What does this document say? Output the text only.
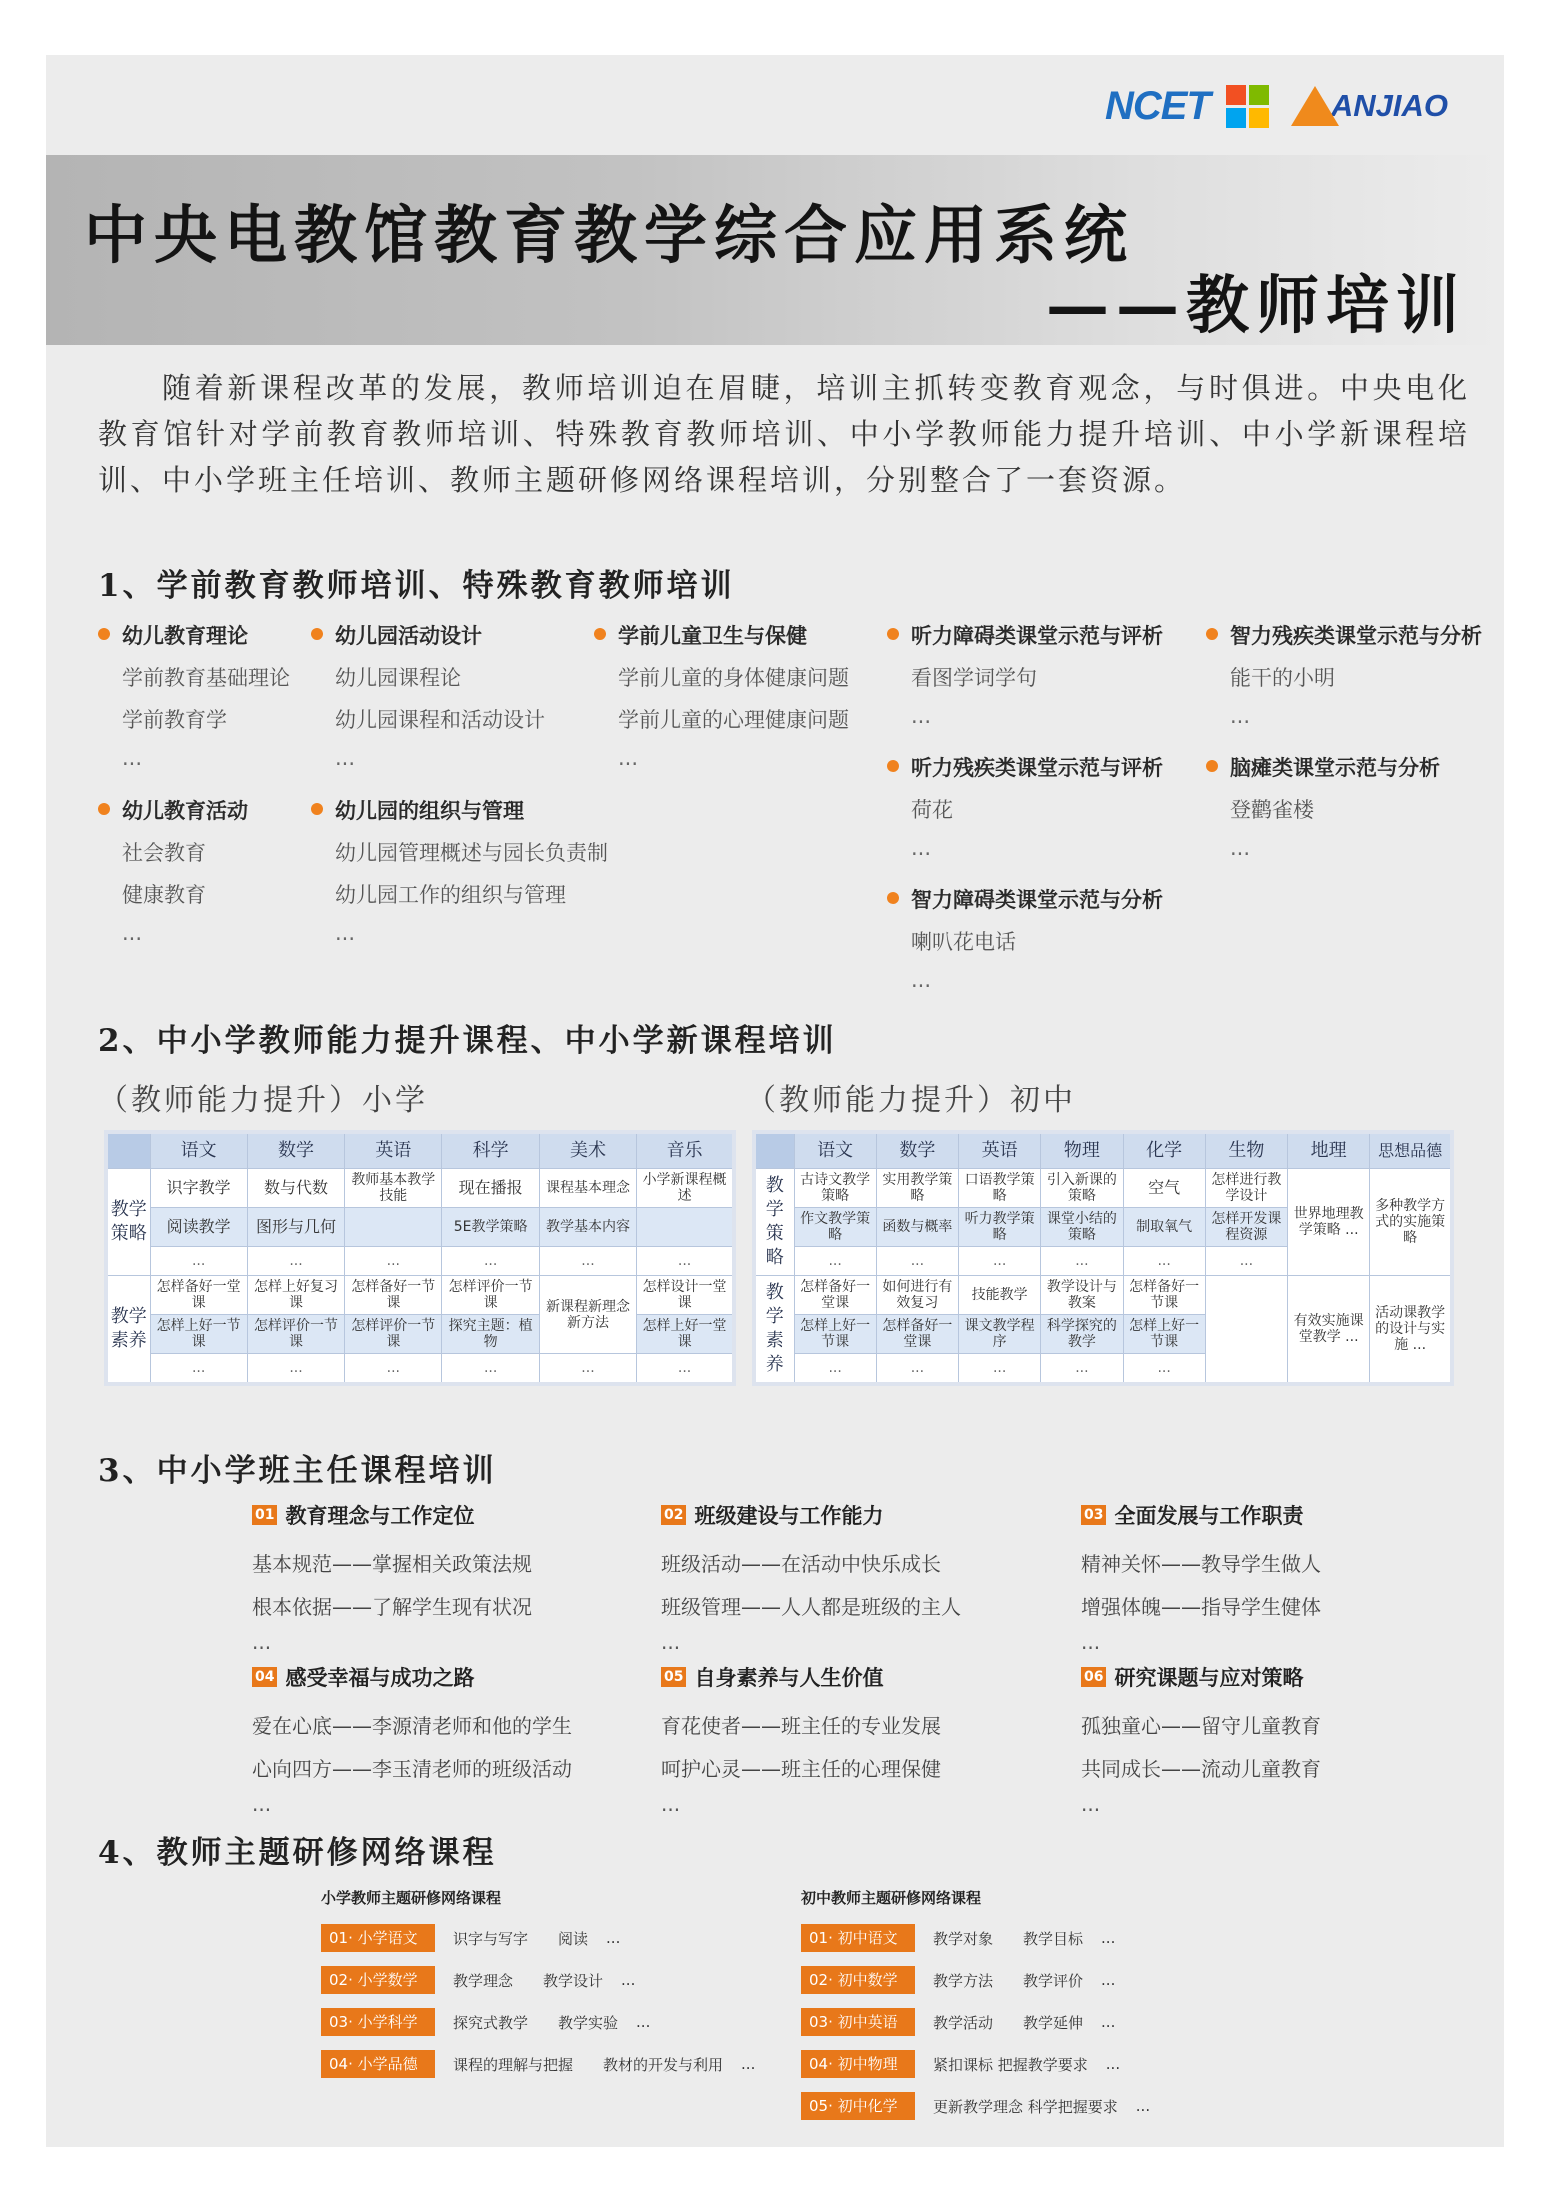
NCET	ANJIAO
中央电教馆教育教学综合应用系统
——教师培训

随着新课程改革的发展，教师培训迫在眉睫，培训主抓转变教育观念，与时俱进。中央电化教育馆针对学前教育教师培训、特殊教育教师培训、中小学教师能力提升培训、中小学新课程培训、中小学班主任培训、教师主题研修网络课程培训，分别整合了一套资源。

1、学前教育教师培训、特殊教育教师培训
幼儿教育理论
学前教育基础理论
学前教育学
...
幼儿教育活动
社会教育
健康教育
...
幼儿园活动设计
幼儿园课程论
幼儿园课程和活动设计
...
幼儿园的组织与管理
幼儿园管理概述与园长负责制
幼儿园工作的组织与管理
...
学前儿童卫生与保健
学前儿童的身体健康问题
学前儿童的心理健康问题
...
听力障碍类课堂示范与评析
看图学词学句
...
听力残疾类课堂示范与评析
荷花
...
智力障碍类课堂示范与分析
喇叭花电话
...
智力残疾类课堂示范与分析
能干的小明
...
脑瘫类课堂示范与分析
登鹳雀楼
...
2、中小学教师能力提升课程、中小学新课程培训
（教师能力提升）小学	（教师能力提升）初中
	语文	数学	英语	科学	美术	音乐
教学策略	识字教学	数与代数	教师基本教学技能	现在播报	课程基本理念	小学新课程概述
	阅读教学	图形与几何		5E教学策略	教学基本内容	
	...	...	...	...	...	...
教学素养	怎样备好一堂课	怎样上好复习课	怎样备好一节课	怎样评价一节课	新课程新理念新方法	怎样设计一堂课
	怎样上好一节课	怎样评价一节课	怎样评价一节课	探究主题：植物		怎样上好一堂课
	...	...	...	...	...	...
	语文	数学	英语	物理	化学	生物	地理	思想品德
教学策略	古诗文教学策略	实用教学策略	口语教学策略	引入新课的策略	空气	怎样进行教学设计	世界地理教学策略 ...	多种教学方式的实施策略
	作文教学策略	函数与概率	听力教学策略	课堂小结的策略	制取氧气	怎样开发课程资源		
	...	...	...	...	...	...		
教学素养	怎样备好一堂课	如何进行有效复习	技能教学	教学设计与教案	怎样备好一节课		有效实施课堂教学 ...	活动课教学的设计与实施 ...
	怎样上好一节课	怎样备好一堂课	课文教学程序	科学探究的教学	怎样上好一节课			
	...	...	...	...	...			
3、中小学班主任课程培训
01 教育理念与工作定位
基本规范——掌握相关政策法规
根本依据——了解学生现有状况
...
02 班级建设与工作能力
班级活动——在活动中快乐成长
班级管理——人人都是班级的主人
...
03 全面发展与工作职责
精神关怀——教导学生做人
增强体魄——指导学生健体
...
04 感受幸福与成功之路
爱在心底——李源清老师和他的学生
心向四方——李玉清老师的班级活动
...
05 自身素养与人生价值
育花使者——班主任的专业发展
呵护心灵——班主任的心理保健
...
06 研究课题与应对策略
孤独童心——留守儿童教育
共同成长——流动儿童教育
...
4、教师主题研修网络课程
小学教师主题研修网络课程
01· 小学语文	识字与写字 阅读 ...
02· 小学数学	教学理念 教学设计 ...
03· 小学科学	探究式教学 教学实验 ...
04· 小学品德	课程的理解与把握 教材的开发与利用 ...
初中教师主题研修网络课程
01· 初中语文	教学对象 教学目标 ...
02· 初中数学	教学方法 教学评价 ...
03· 初中英语	教学活动 教学延伸 ...
04· 初中物理	紧扣课标 把握教学要求 ...
05· 初中化学	更新教学理念 科学把握要求 ...
